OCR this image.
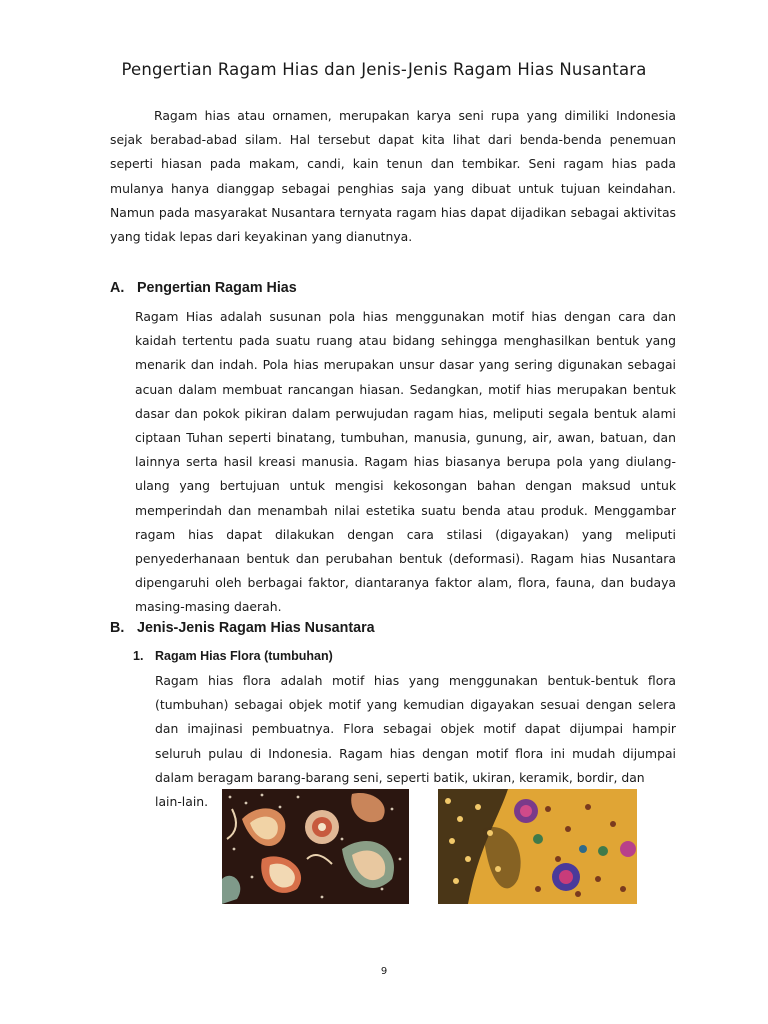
Pengertian Ragam Hias dan Jenis-Jenis Ragam Hias Nusantara

Ragam hias atau ornamen, merupakan karya seni rupa yang dimiliki Indonesia sejak berabad-abad silam. Hal tersebut dapat kita lihat dari benda-benda penemuan seperti hiasan pada makam, candi, kain tenun dan tembikar. Seni ragam hias pada mulanya hanya dianggap sebagai penghias saja yang dibuat untuk tujuan keindahan. Namun pada masyarakat Nusantara ternyata ragam hias dapat dijadikan sebagai aktivitas yang tidak lepas dari keyakinan yang dianutnya.

A. Pengertian Ragam Hias

Ragam Hias adalah susunan pola hias menggunakan motif hias dengan cara dan kaidah tertentu pada suatu ruang atau bidang sehingga menghasilkan bentuk yang menarik dan indah. Pola hias merupakan unsur dasar yang sering digunakan sebagai acuan dalam membuat rancangan hiasan. Sedangkan, motif hias merupakan bentuk dasar dan pokok pikiran dalam perwujudan ragam hias, meliputi segala bentuk alami ciptaan Tuhan seperti binatang, tumbuhan, manusia, gunung, air, awan, batuan, dan lainnya serta hasil kreasi manusia. Ragam hias biasanya berupa pola yang diulang-ulang yang bertujuan untuk mengisi kekosongan bahan dengan maksud untuk memperindah dan menambah nilai estetika suatu benda atau produk. Menggambar ragam hias dapat dilakukan dengan cara stilasi (digayakan) yang meliputi penyederhanaan bentuk dan perubahan bentuk (deformasi). Ragam hias Nusantara dipengaruhi oleh berbagai faktor, diantaranya faktor alam, flora, fauna, dan budaya masing-masing daerah.

B. Jenis-Jenis Ragam Hias Nusantara
1. Ragam Hias Flora (tumbuhan)

Ragam hias flora adalah motif hias yang menggunakan bentuk-bentuk flora (tumbuhan) sebagai objek motif yang kemudian digayakan sesuai dengan selera dan imajinasi pembuatnya. Flora sebagai objek motif dapat dijumpai hampir seluruh pulau di Indonesia. Ragam hias dengan motif flora ini mudah dijumpai dalam beragam barang-barang seni, seperti batik, ukiran, keramik, bordir, dan

lain-lain.
9
